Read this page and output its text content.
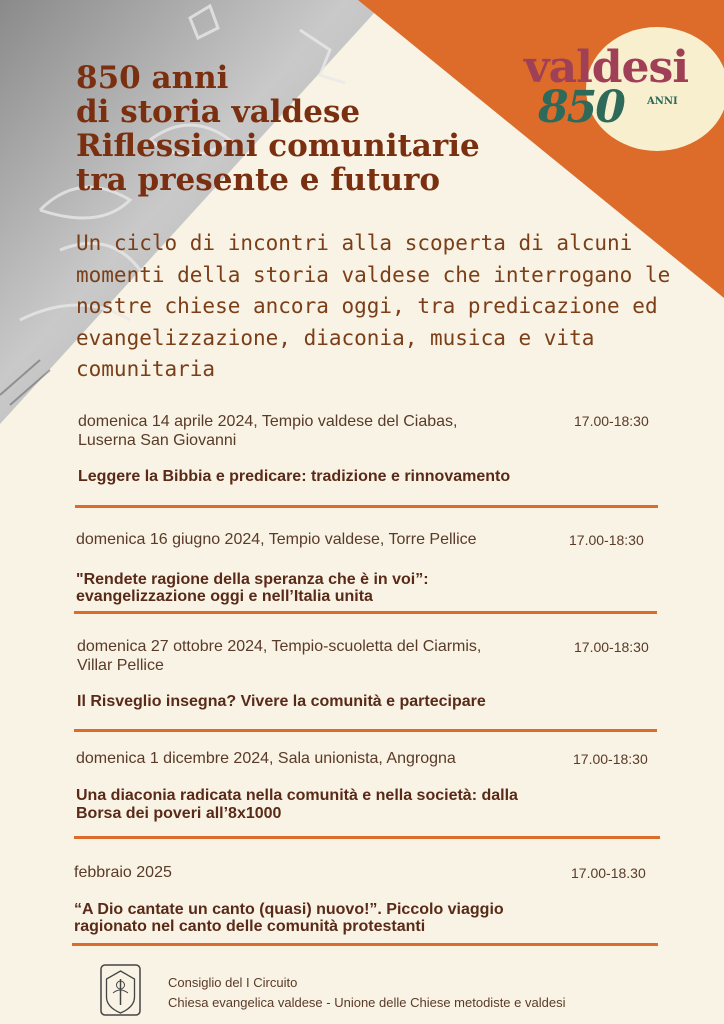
valdesi
850 ANNI
850 anni
di storia valdese
Riflessioni comunitarie
tra presente e futuro
Un ciclo di incontri alla scoperta di alcuni
momenti della storia valdese che interrogano le
nostre chiese ancora oggi, tra predicazione ed
evangelizzazione, diaconia, musica e vita
comunitaria
domenica 14 aprile 2024, Tempio valdese del Ciabas,
Luserna San Giovanni
17.00-18:30
Leggere la Bibbia e predicare: tradizione e rinnovamento
domenica 16 giugno 2024, Tempio valdese, Torre Pellice	17.00-18:30
"Rendete ragione della speranza che è in voi”:
evangelizzazione oggi e nell’Italia unita
domenica 27 ottobre 2024, Tempio-scuoletta del Ciarmis,
Villar Pellice
17.00-18:30
Il Risveglio insegna? Vivere la comunità e partecipare
domenica 1 dicembre 2024, Sala unionista, Angrogna	17.00-18:30
Una diaconia radicata nella comunità e nella società: dalla
Borsa dei poveri all’8x1000
febbraio 2025	17.00-18.30
“A Dio cantate un canto (quasi) nuovo!”. Piccolo viaggio
ragionato nel canto delle comunità protestanti
Consiglio del I Circuito
Chiesa evangelica valdese - Unione delle Chiese metodiste e valdesi
